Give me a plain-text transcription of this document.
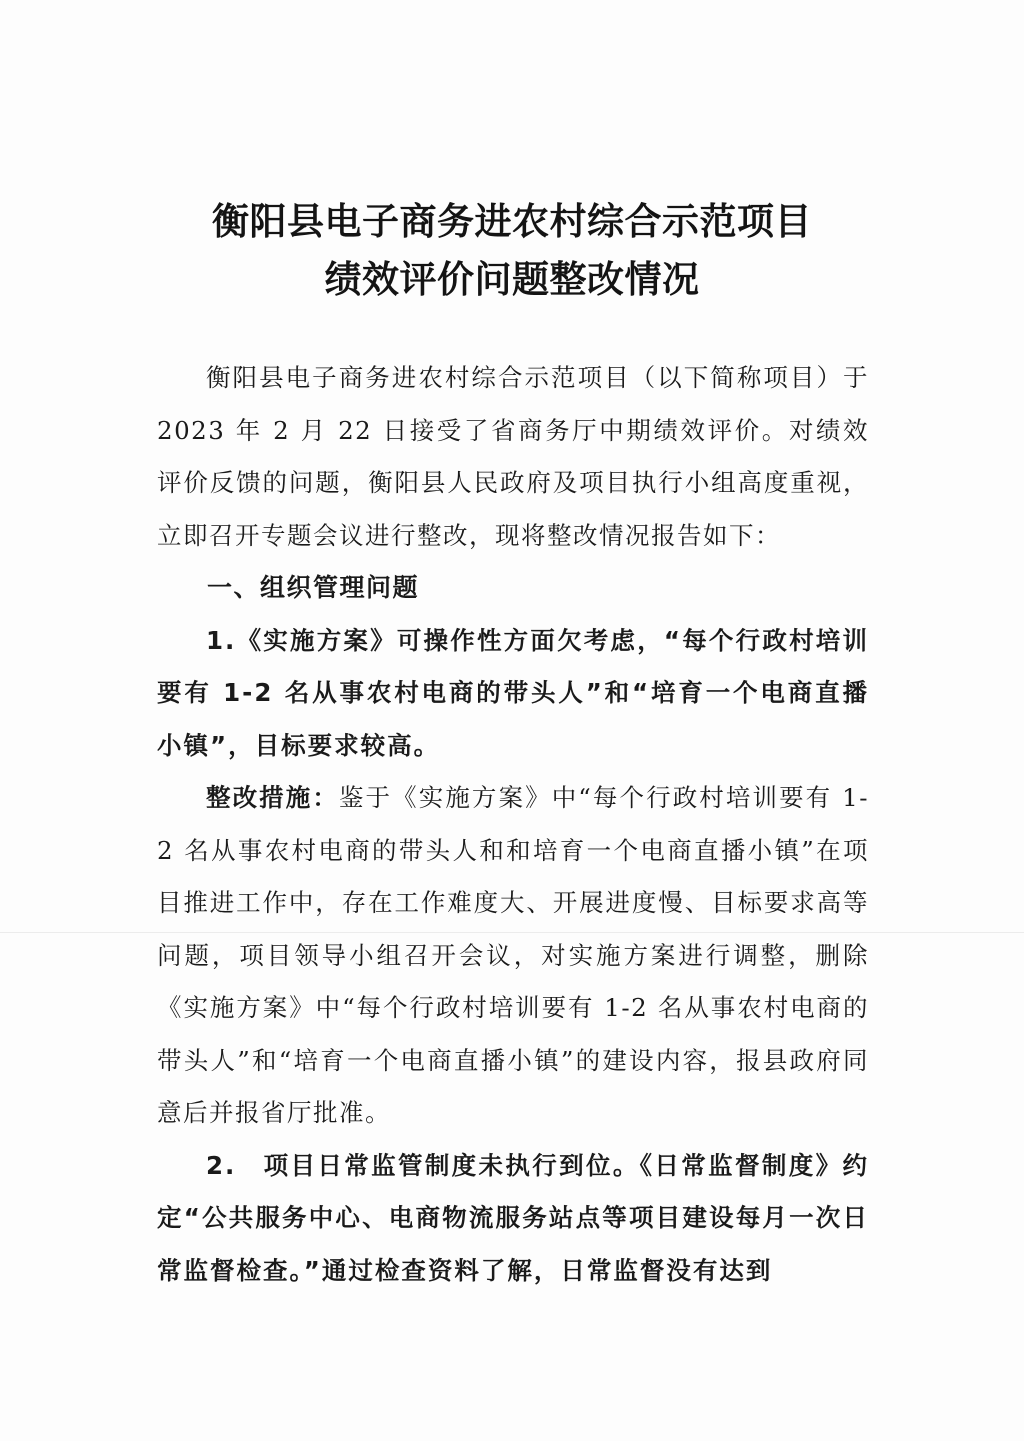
衡阳县电子商务进农村综合示范项目
绩效评价问题整改情况

衡阳县电子商务进农村综合示范项目（以下简称项目）于 2023 年 2 月 22 日接受了省商务厅中期绩效评价。对绩效评价反馈的问题，衡阳县人民政府及项目执行小组高度重视，立即召开专题会议进行整改，现将整改情况报告如下：

一、组织管理问题

1.《实施方案》可操作性方面欠考虑，“每个行政村培训要有 1-2 名从事农村电商的带头人”和“培育一个电商直播小镇”，目标要求较高。

整改措施：鉴于《实施方案》中“每个行政村培训要有 1-2 名从事农村电商的带头人和和培育一个电商直播小镇”在项目推进工作中，存在工作难度大、开展进度慢、目标要求高等问题，项目领导小组召开会议，对实施方案进行调整，删除《实施方案》中“每个行政村培训要有 1-2 名从事农村电商的带头人”和“培育一个电商直播小镇”的建设内容，报县政府同意后并报省厅批准。

2.　项目日常监管制度未执行到位。《日常监督制度》约定“公共服务中心、电商物流服务站点等项目建设每月一次日常监督检查。”通过检查资料了解，日常监督没有达到
